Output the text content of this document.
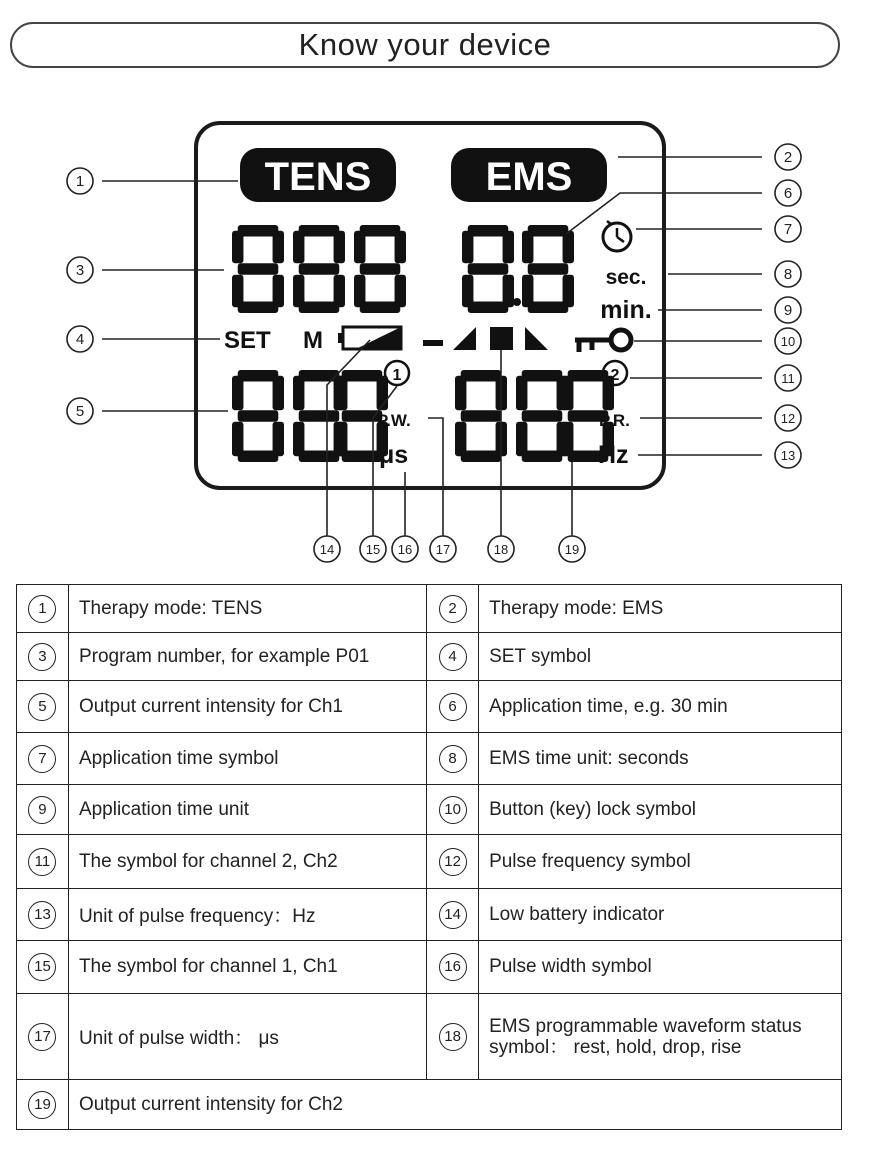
Know your device
TENS	EMS
sec.
min.
SET M
1	2
P.W.	P.R.
μs	Hz
1
2
3
4
5
6
7
8
9
10
11
12
13
14 15 16 17	18	19
1	Therapy mode: TENS	2	Therapy mode: EMS
3	Program number, for example P01	4	SET symbol
5	Output current intensity for Ch1	6	Application time, e.g. 30 min
7	Application time symbol	8	EMS time unit: seconds
9	Application time unit	10	Button (key) lock symbol
11	The symbol for channel 2, Ch2	12	Pulse frequency symbol
13	Unit of pulse frequency：Hz	14	Low battery indicator
15	The symbol for channel 1, Ch1	16	Pulse width symbol
17	Unit of pulse width： μs	18	EMS programmable waveform status symbol： rest, hold, drop, rise
19	Output current intensity for Ch2		
